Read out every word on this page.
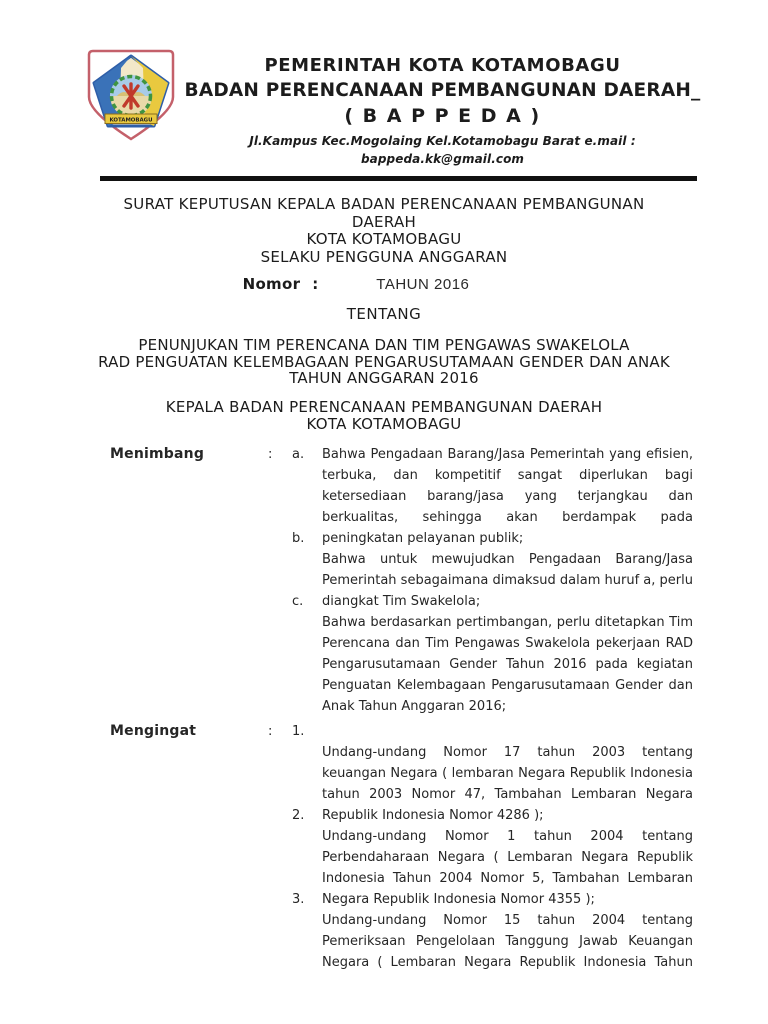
KOTAMOBAGU
PEMERINTAH KOTA KOTAMOBAGU
BADAN PERENCANAAN PEMBANGUNAN DAERAH_
( B A P P E D A )
Jl.Kampus Kec.Mogolaing Kel.Kotamobagu Barat e.mail : bappeda.kk@gmail.com
SURAT KEPUTUSAN KEPALA BADAN PERENCANAAN PEMBANGUNAN
DAERAH
KOTA KOTAMOBAGU
SELAKU PENGGUNA ANGGARAN
Nomor :	TAHUN 2016
TENTANG
PENUNJUKAN TIM PERENCANA DAN TIM PENGAWAS SWAKELOLA
RAD PENGUATAN KELEMBAGAAN PENGARUSUTAMAAN GENDER DAN ANAK
TAHUN ANGGARAN 2016
KEPALA BADAN PERENCANAAN PEMBANGUNAN DAERAH
KOTA KOTAMOBAGU
Menimbang	:	a.	Bahwa Pengadaan Barang/Jasa Pemerintah yang efisien,
terbuka, dan kompetitif sangat diperlukan bagi
ketersediaan barang/jasa yang terjangkau dan
berkualitas, sehingga akan berdampak pada
b.	peningkatan pelayanan publik;
Bahwa untuk mewujudkan Pengadaan Barang/Jasa
Pemerintah sebagaimana dimaksud dalam huruf a, perlu
c.	diangkat Tim Swakelola;
Bahwa berdasarkan pertimbangan, perlu ditetapkan Tim
Perencana dan Tim Pengawas Swakelola pekerjaan RAD
Pengarusutamaan Gender Tahun 2016 pada kegiatan
Penguatan Kelembagaan Pengarusutamaan Gender dan
Anak Tahun Anggaran 2016;
Mengingat	:	1.
Undang-undang Nomor 17 tahun 2003 tentang
keuangan Negara ( lembaran Negara Republik Indonesia
tahun 2003 Nomor 47, Tambahan Lembaran Negara
2.	Republik Indonesia Nomor 4286 );
Undang-undang Nomor 1 tahun 2004 tentang
Perbendaharaan Negara ( Lembaran Negara Republik
Indonesia Tahun 2004 Nomor 5, Tambahan Lembaran
3.	Negara Republik Indonesia Nomor 4355 );
Undang-undang Nomor 15 tahun 2004 tentang
Pemeriksaan Pengelolaan Tanggung Jawab Keuangan
Negara ( Lembaran Negara Republik Indonesia Tahun
